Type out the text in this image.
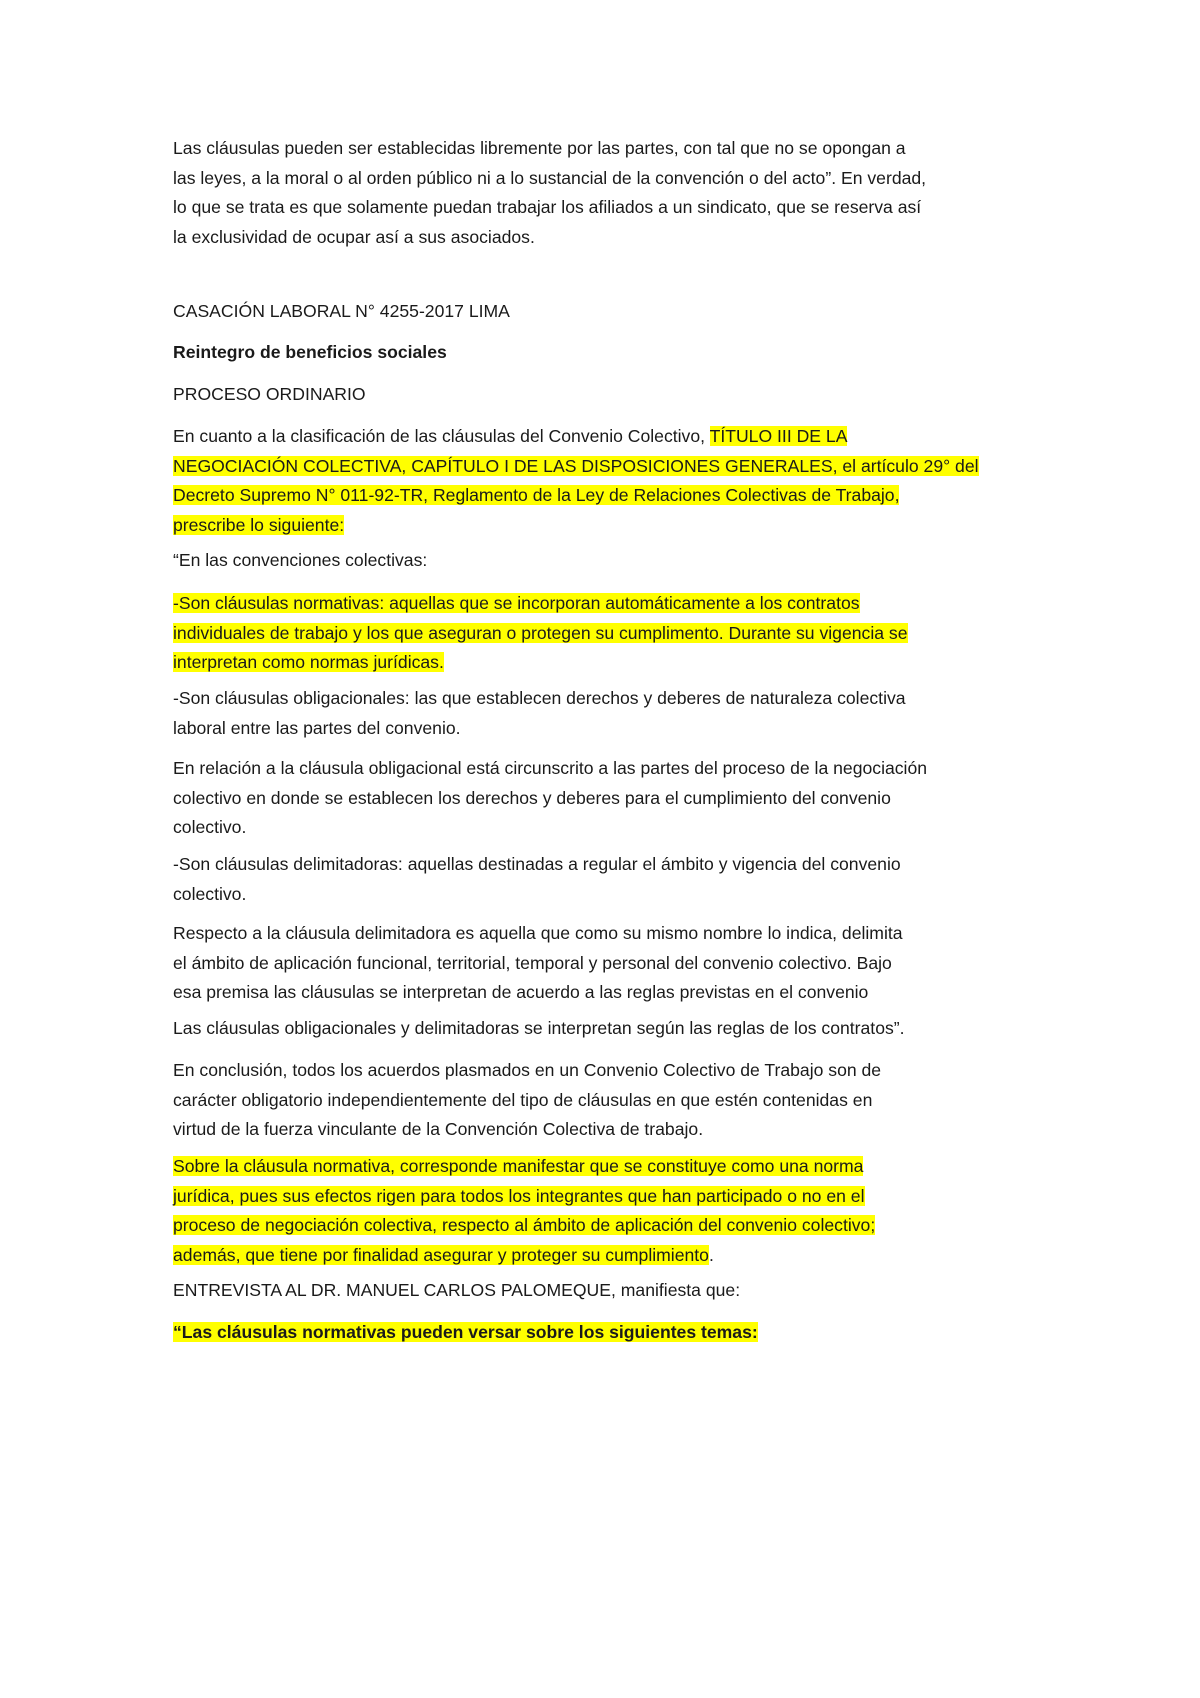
Las cláusulas pueden ser establecidas libremente por las partes, con tal que no se opongan a
las leyes, a la moral o al orden público ni a lo sustancial de la convención o del acto”. En verdad,
lo que se trata es que solamente puedan trabajar los afiliados a un sindicato, que se reserva así
la exclusividad de ocupar así a sus asociados.

CASACIÓN LABORAL N° 4255-2017 LIMA

Reintegro de beneficios sociales

PROCESO ORDINARIO

En cuanto a la clasificación de las cláusulas del Convenio Colectivo, TÍTULO III DE LA
NEGOCIACIÓN COLECTIVA, CAPÍTULO I DE LAS DISPOSICIONES GENERALES, el artículo 29° del
Decreto Supremo N° 011-92-TR, Reglamento de la Ley de Relaciones Colectivas de Trabajo,
prescribe lo siguiente:

“En las convenciones colectivas:

-Son cláusulas normativas: aquellas que se incorporan automáticamente a los contratos
individuales de trabajo y los que aseguran o protegen su cumplimento. Durante su vigencia se
interpretan como normas jurídicas.

-Son cláusulas obligacionales: las que establecen derechos y deberes de naturaleza colectiva
laboral entre las partes del convenio.

En relación a la cláusula obligacional está circunscrito a las partes del proceso de la negociación
colectivo en donde se establecen los derechos y deberes para el cumplimiento del convenio
colectivo.

-Son cláusulas delimitadoras: aquellas destinadas a regular el ámbito y vigencia del convenio
colectivo.

Respecto a la cláusula delimitadora es aquella que como su mismo nombre lo indica, delimita
el ámbito de aplicación funcional, territorial, temporal y personal del convenio colectivo. Bajo
esa premisa las cláusulas se interpretan de acuerdo a las reglas previstas en el convenio

Las cláusulas obligacionales y delimitadoras se interpretan según las reglas de los contratos”.

En conclusión, todos los acuerdos plasmados en un Convenio Colectivo de Trabajo son de
carácter obligatorio independientemente del tipo de cláusulas en que estén contenidas en
virtud de la fuerza vinculante de la Convención Colectiva de trabajo.

Sobre la cláusula normativa, corresponde manifestar que se constituye como una norma
jurídica, pues sus efectos rigen para todos los integrantes que han participado o no en el
proceso de negociación colectiva, respecto al ámbito de aplicación del convenio colectivo;
además, que tiene por finalidad asegurar y proteger su cumplimiento.

ENTREVISTA AL DR. MANUEL CARLOS PALOMEQUE, manifiesta que:

“Las cláusulas normativas pueden versar sobre los siguientes temas:
